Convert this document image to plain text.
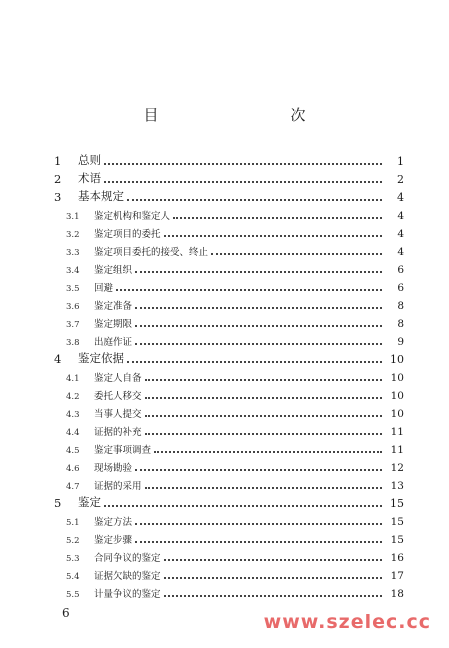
目　　次
1	总则	1
2	术语	2
3	基本规定	4
3.1	鉴定机构和鉴定人	4
3.2	鉴定项目的委托	4
3.3	鉴定项目委托的接受、终止	4
3.4	鉴定组织	6
3.5	回避	6
3.6	鉴定准备	8
3.7	鉴定期限	8
3.8	出庭作证	9
4	鉴定依据	10
4.1	鉴定人自备	10
4.2	委托人移交	10
4.3	当事人提交	10
4.4	证据的补充	11
4.5	鉴定事项调查	11
4.6	现场勘验	12
4.7	证据的采用	13
5	鉴定	15
5.1	鉴定方法	15
5.2	鉴定步骤	15
5.3	合同争议的鉴定	16
5.4	证据欠缺的鉴定	17
5.5	计量争议的鉴定	18
6	www.szelec.cc
